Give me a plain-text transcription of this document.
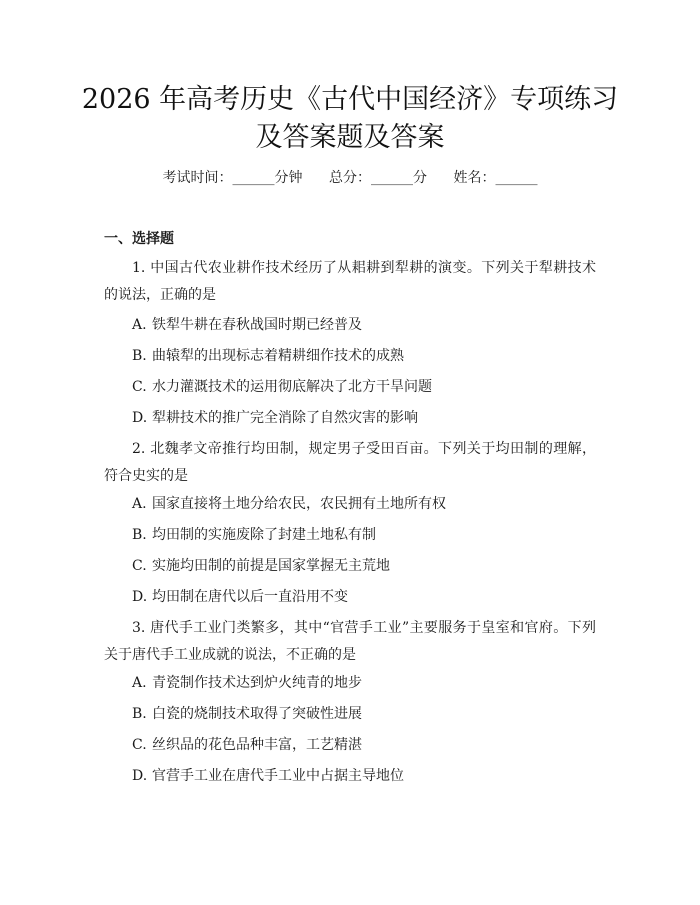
2026 年高考历史《古代中国经济》专项练习
及答案题及答案
考试时间：______分钟 总分：______分 姓名：______
一、选择题
1. 中国古代农业耕作技术经历了从耜耕到犁耕的演变。下列关于犁耕技术的说法，正确的是
A. 铁犁牛耕在春秋战国时期已经普及
B. 曲辕犁的出现标志着精耕细作技术的成熟
C. 水力灌溉技术的运用彻底解决了北方干旱问题
D. 犁耕技术的推广完全消除了自然灾害的影响
2. 北魏孝文帝推行均田制，规定男子受田百亩。下列关于均田制的理解，符合史实的是
A. 国家直接将土地分给农民，农民拥有土地所有权
B. 均田制的实施废除了封建土地私有制
C. 实施均田制的前提是国家掌握无主荒地
D. 均田制在唐代以后一直沿用不变
3. 唐代手工业门类繁多，其中“官营手工业”主要服务于皇室和官府。下列关于唐代手工业成就的说法，不正确的是
A. 青瓷制作技术达到炉火纯青的地步
B. 白瓷的烧制技术取得了突破性进展
C. 丝织品的花色品种丰富，工艺精湛
D. 官营手工业在唐代手工业中占据主导地位
